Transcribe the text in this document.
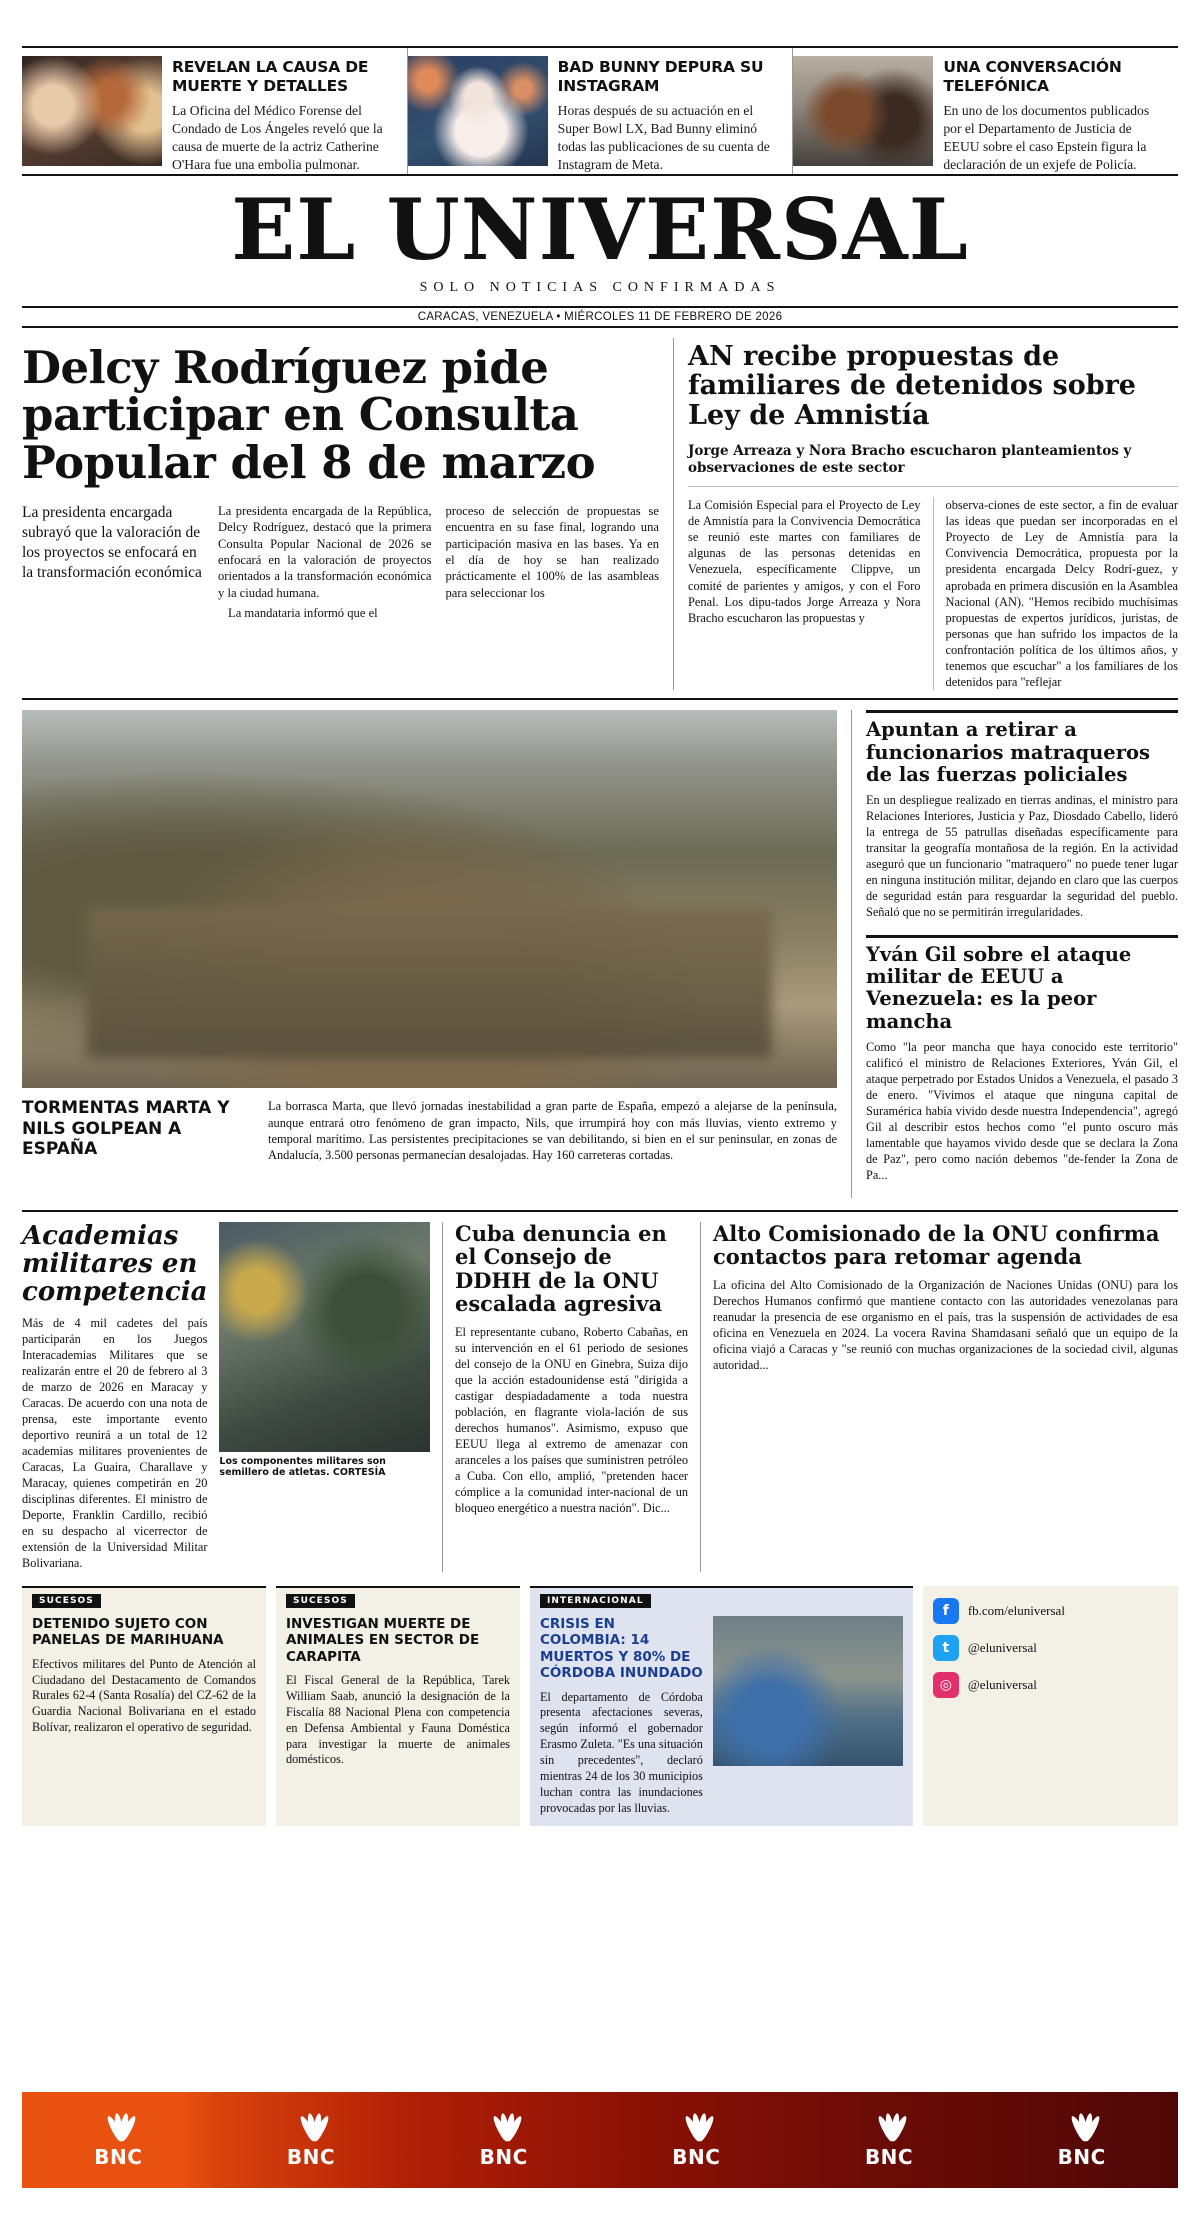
REVELAN LA CAUSA DE MUERTE Y DETALLES
La Oficina del Médico Forense del Condado de Los Ángeles reveló que la causa de muerte de la actriz Catherine O'Hara fue una embolia pulmonar.
BAD BUNNY DEPURA SU INSTAGRAM
Horas después de su actuación en el Super Bowl LX, Bad Bunny eliminó todas las publicaciones de su cuenta de Instagram de Meta.
UNA CONVERSACIÓN TELEFÓNICA
En uno de los documentos publicados por el Departamento de Justicia de EEUU sobre el caso Epstein figura la declaración de un exjefe de Policía.
EL UNIVERSAL
SOLO NOTICIAS CONFIRMADAS
CARACAS, VENEZUELA • MIÉRCOLES 11 DE FEBRERO DE 2026
Delcy Rodríguez pide participar en Consulta Popular del 8 de marzo
La presidenta encargada subrayó que la valoración de los proyectos se enfocará en la transformación económica

La presidenta encargada de la República, Delcy Rodríguez, destacó que la primera Consulta Popular Nacional de 2026 se enfocará en la valoración de proyectos orientados a la transformación económica y la ciudad humana.

La mandataria informó que el

proceso de selección de propuestas se encuentra en su fase final, logrando una participación masiva en las bases. Ya en el día de hoy se han realizado prácticamente el 100% de las asambleas para seleccionar los

AN recibe propuestas de familiares de detenidos sobre Ley de Amnistía
Jorge Arreaza y Nora Bracho escucharon planteamientos y observaciones de este sector
La Comisión Especial para el Proyecto de Ley de Amnistía para la Convivencia Democrática se reunió este martes con familiares de algunas de las personas detenidas en Venezuela, específicamente Clippve, un comité de parientes y amigos, y con el Foro Penal. Los dipu-tados Jorge Arreaza y Nora Bracho escucharon las propuestas y
observa-ciones de este sector, a fin de evaluar las ideas que puedan ser incorporadas en el Proyecto de Ley de Amnistía para la Convivencia Democrática, propuesta por la presidenta encargada Delcy Rodrí-guez, y aprobada en primera discusión en la Asamblea Nacional (AN). "Hemos recibido muchísimas propuestas de expertos jurídicos, juristas, de personas que han sufrido los impactos de la confrontación política de los últimos años, y tenemos que escuchar" a los familiares de los detenidos para "reflejar
TORMENTAS MARTA Y NILS GOLPEAN A ESPAÑA
La borrasca Marta, que llevó jornadas inestabilidad a gran parte de España, empezó a alejarse de la península, aunque entrará otro fenómeno de gran impacto, Nils, que irrumpirá hoy con más lluvias, viento extremo y temporal marítimo. Las persistentes precipitaciones se van debilitando, si bien en el sur peninsular, en zonas de Andalucía, 3.500 personas permanecían desalojadas. Hay 160 carreteras cortadas.
Apuntan a retirar a funcionarios matraqueros de las fuerzas policiales
En un despliegue realizado en tierras andinas, el ministro para Relaciones Interiores, Justicia y Paz, Diosdado Cabello, lideró la entrega de 55 patrullas diseñadas específicamente para transitar la geografía montañosa de la región. En la actividad aseguró que un funcionario "matraquero" no puede tener lugar en ninguna institución militar, dejando en claro que las cuerpos de seguridad están para resguardar la seguridad del pueblo. Señaló que no se permitirán irregularidades.
Yván Gil sobre el ataque militar de EEUU a Venezuela: es la peor mancha
Como "la peor mancha que haya conocido este territorio" calificó el ministro de Relaciones Exteriores, Yván Gil, el ataque perpetrado por Estados Unidos a Venezuela, el pasado 3 de enero. "Vivimos el ataque que ninguna capital de Suramérica había vivido desde nuestra Independencia", agregó Gil al describir estos hechos como "el punto oscuro más lamentable que hayamos vivido desde que se declara la Zona de Paz", pero como nación debemos "de-fender la Zona de Pa...
Academias militares en competencia
Más de 4 mil cadetes del país participarán en los Juegos Interacademias Militares que se realizarán entre el 20 de febrero al 3 de marzo de 2026 en Maracay y Caracas. De acuerdo con una nota de prensa, este importante evento deportivo reunirá a un total de 12 academias militares provenientes de Caracas, La Guaira, Charallave y Maracay, quienes competirán en 20 disciplinas diferentes. El ministro de Deporte, Franklin Cardillo, recibió en su despacho al vicerrector de extensión de la Universidad Militar Bolivariana.
Los componentes militares son semillero de atletas. CORTESÍA
Cuba denuncia en el Consejo de DDHH de la ONU escalada agresiva
El representante cubano, Roberto Cabañas, en su intervención en el 61 periodo de sesiones del consejo de la ONU en Ginebra, Suiza dijo que la acción estadounidense está "dirigida a castigar despiadadamente a toda nuestra población, en flagrante viola-lación de sus derechos humanos". Asimismo, expuso que EEUU llega al extremo de amenazar con aranceles a los países que suministren petróleo a Cuba. Con ello, amplió, "pretenden hacer cómplice a la comunidad inter-nacional de un bloqueo energético a nuestra nación". Dic...
Alto Comisionado de la ONU confirma contactos para retomar agenda
La oficina del Alto Comisionado de la Organización de Naciones Unidas (ONU) para los Derechos Humanos confirmó que mantiene contacto con las autoridades venezolanas para reanudar la presencia de ese organismo en el país, tras la suspensión de actividades de esa oficina en Venezuela en 2024. La vocera Ravina Shamdasani señaló que un equipo de la oficina viajó a Caracas y "se reunió con muchas organizaciones de la sociedad civil, algunas autoridad...
SUCESOS
DETENIDO SUJETO CON PANELAS DE MARIHUANA
Efectivos militares del Punto de Atención al Ciudadano del Destacamento de Comandos Rurales 62-4 (Santa Rosalía) del CZ-62 de la Guardia Nacional Bolivariana en el estado Bolívar, realizaron el operativo de seguridad.
SUCESOS
INVESTIGAN MUERTE DE ANIMALES EN SECTOR DE CARAPITA
El Fiscal General de la República, Tarek William Saab, anunció la designación de la Fiscalía 88 Nacional Plena con competencia en Defensa Ambiental y Fauna Doméstica para investigar la muerte de animales domésticos.
INTERNACIONAL
CRISIS EN COLOMBIA: 14 MUERTOS Y 80% DE CÓRDOBA INUNDADO
El departamento de Córdoba presenta afectaciones severas, según informó el gobernador Erasmo Zuleta. "Es una situación sin precedentes", declaró mientras 24 de los 30 municipios luchan contra las inundaciones provocadas por las lluvias.
f	fb.com/eluniversal
t	@eluniversal
◎	@eluniversal
BNC	BNC	BNC	BNC	BNC	BNC
